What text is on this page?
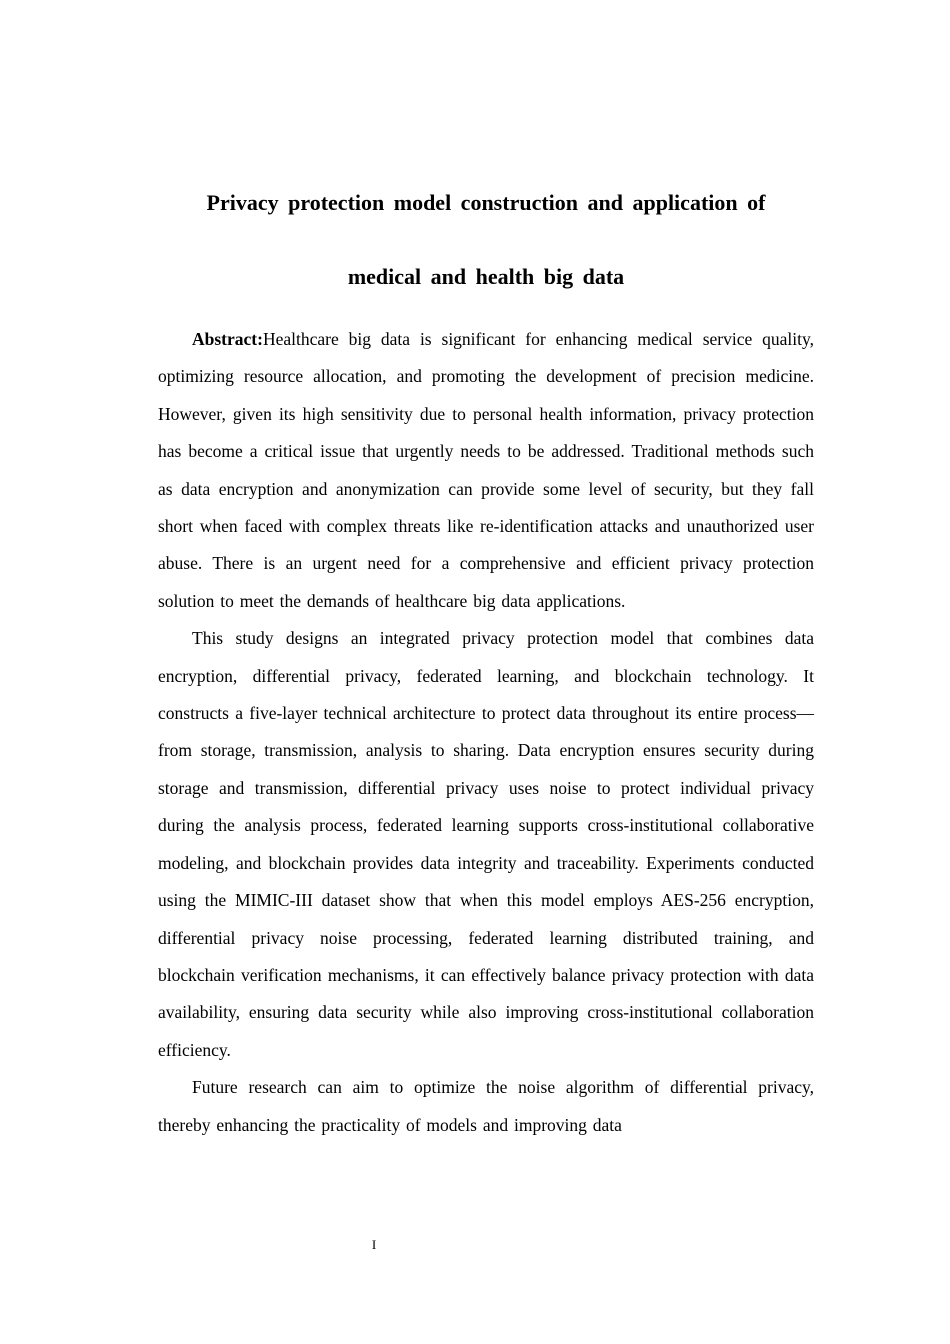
Privacy protection model construction and application of
medical and health big data

Abstract:Healthcare big data is significant for enhancing medical service quality, optimizing resource allocation, and promoting the development of precision medicine. However, given its high sensitivity due to personal health information, privacy protection has become a critical issue that urgently needs to be addressed. Traditional methods such as data encryption and anonymization can provide some level of security, but they fall short when faced with complex threats like re-identification attacks and unauthorized user abuse. There is an urgent need for a comprehensive and efficient privacy protection solution to meet the demands of healthcare big data applications.

This study designs an integrated privacy protection model that combines data encryption, differential privacy, federated learning, and blockchain technology. It constructs a five-layer technical architecture to protect data throughout its entire process—from storage, transmission, analysis to sharing. Data encryption ensures security during storage and transmission, differential privacy uses noise to protect individual privacy during the analysis process, federated learning supports cross-institutional collaborative modeling, and blockchain provides data integrity and traceability. Experiments conducted using the MIMIC-III dataset show that when this model employs AES-256 encryption, differential privacy noise processing, federated learning distributed training, and blockchain verification mechanisms, it can effectively balance privacy protection with data availability, ensuring data security while also improving cross-institutional collaboration efficiency.

Future research can aim to optimize the noise algorithm of differential privacy, thereby enhancing the practicality of models and improving data

I
